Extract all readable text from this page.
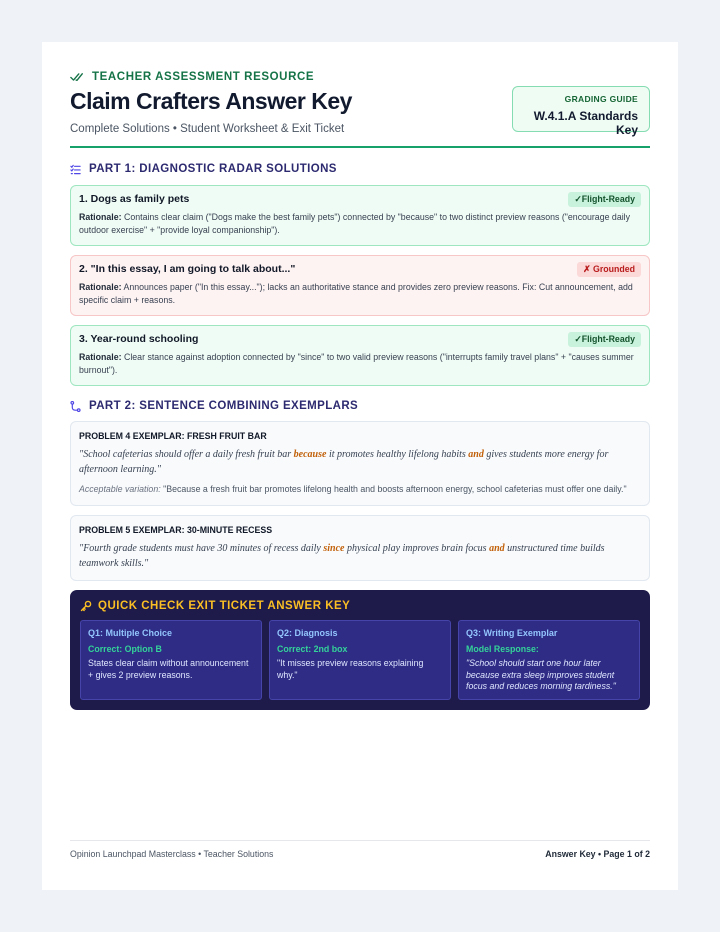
TEACHER ASSESSMENT RESOURCE
Claim Crafters Answer Key
Complete Solutions • Student Worksheet & Exit Ticket
GRADING GUIDE
W.4.1.A Standards Key
PART 1: DIAGNOSTIC RADAR SOLUTIONS
1. Dogs as family pets	✓Flight-Ready
Rationale: Contains clear claim ("Dogs make the best family pets") connected by "because" to two distinct preview reasons ("encourage daily outdoor exercise" + "provide loyal companionship").
2. "In this essay, I am going to talk about..."	✗ Grounded
Rationale: Announces paper ("In this essay..."); lacks an authoritative stance and provides zero preview reasons. Fix: Cut announcement, add specific claim + reasons.
3. Year-round schooling	✓Flight-Ready
Rationale: Clear stance against adoption connected by "since" to two valid preview reasons ("interrupts family travel plans" + "causes summer burnout").
PART 2: SENTENCE COMBINING EXEMPLARS
PROBLEM 4 EXEMPLAR: FRESH FRUIT BAR
"School cafeterias should offer a daily fresh fruit bar because it promotes healthy lifelong habits and gives students more energy for afternoon learning."
Acceptable variation: "Because a fresh fruit bar promotes lifelong health and boosts afternoon energy, school cafeterias must offer one daily."
PROBLEM 5 EXEMPLAR: 30-MINUTE RECESS
"Fourth grade students must have 30 minutes of recess daily since physical play improves brain focus and unstructured time builds teamwork skills."
QUICK CHECK EXIT TICKET ANSWER KEY
Q1: Multiple Choice
Correct: Option B
States clear claim without announcement + gives 2 preview reasons.
Q2: Diagnosis
Correct: 2nd box
"It misses preview reasons explaining why."
Q3: Writing Exemplar
Model Response:
"School should start one hour later because extra sleep improves student focus and reduces morning tardiness."
Opinion Launchpad Masterclass • Teacher Solutions	Answer Key • Page 1 of 2
